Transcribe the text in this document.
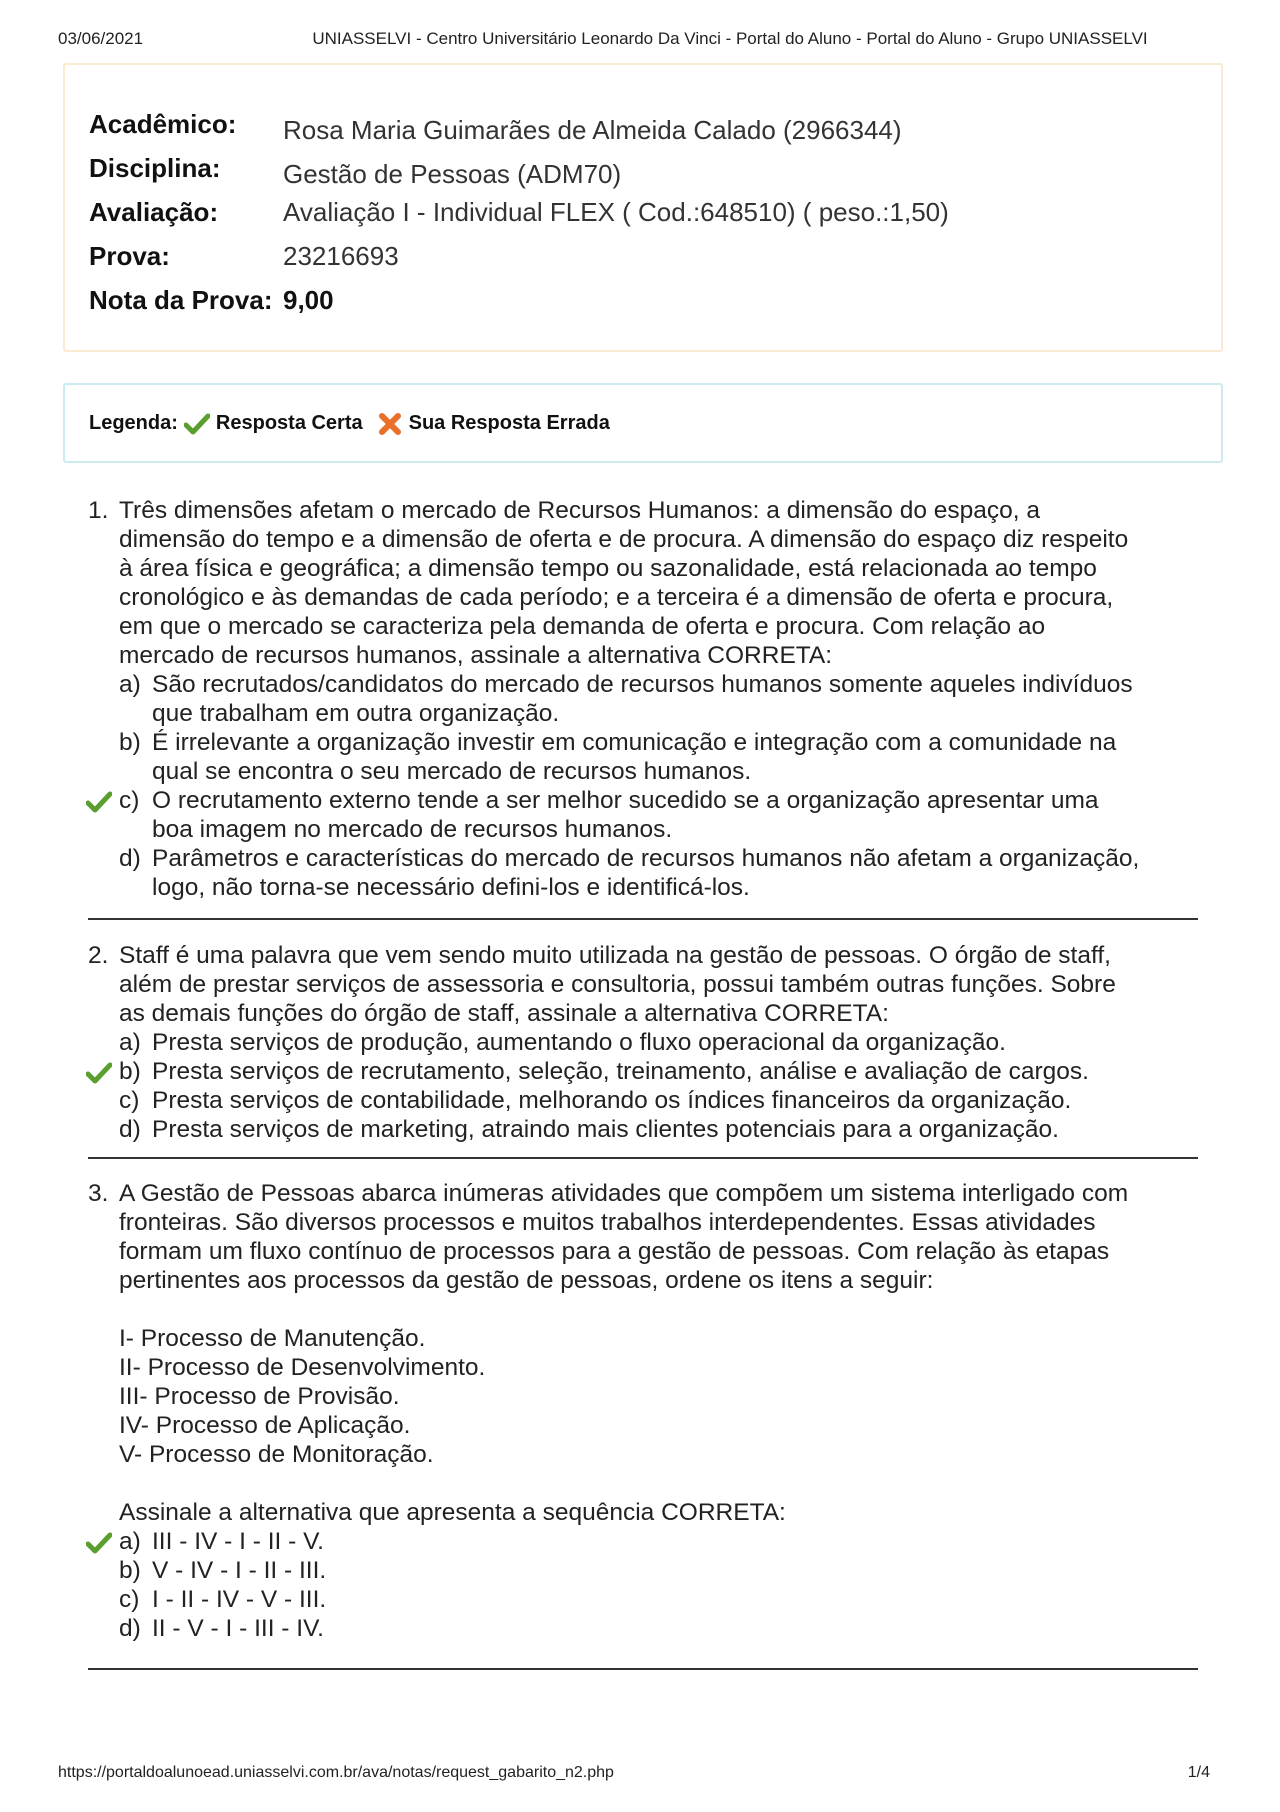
03/06/2021	UNIASSELVI - Centro Universitário Leonardo Da Vinci - Portal do Aluno - Portal do Aluno - Grupo UNIASSELVI
Acadêmico: Rosa Maria Guimarães de Almeida Calado (2966344)
Disciplina: Gestão de Pessoas (ADM70)
Avaliação: Avaliação I - Individual FLEX ( Cod.:648510) ( peso.:1,50)
Prova:	23216693
Nota da Prova: 9,00
Legenda: Resposta Certa Sua Resposta Errada
1. Três dimensões afetam o mercado de Recursos Humanos: a dimensão do espaço, a
dimensão do tempo e a dimensão de oferta e de procura. A dimensão do espaço diz respeito
à área física e geográfica; a dimensão tempo ou sazonalidade, está relacionada ao tempo
cronológico e às demandas de cada período; e a terceira é a dimensão de oferta e procura,
em que o mercado se caracteriza pela demanda de oferta e procura. Com relação ao
mercado de recursos humanos, assinale a alternativa CORRETA:
a) São recrutados/candidatos do mercado de recursos humanos somente aqueles indivíduos
que trabalham em outra organização.
b) É irrelevante a organização investir em comunicação e integração com a comunidade na
qual se encontra o seu mercado de recursos humanos.
c) O recrutamento externo tende a ser melhor sucedido se a organização apresentar uma
boa imagem no mercado de recursos humanos.
d) Parâmetros e características do mercado de recursos humanos não afetam a organização,
logo, não torna-se necessário defini-los e identificá-los.
2. Staff é uma palavra que vem sendo muito utilizada na gestão de pessoas. O órgão de staff,
além de prestar serviços de assessoria e consultoria, possui também outras funções. Sobre
as demais funções do órgão de staff, assinale a alternativa CORRETA:
a) Presta serviços de produção, aumentando o fluxo operacional da organização.
b) Presta serviços de recrutamento, seleção, treinamento, análise e avaliação de cargos.
c) Presta serviços de contabilidade, melhorando os índices financeiros da organização.
d) Presta serviços de marketing, atraindo mais clientes potenciais para a organização.
3. A Gestão de Pessoas abarca inúmeras atividades que compõem um sistema interligado com
fronteiras. São diversos processos e muitos trabalhos interdependentes. Essas atividades
formam um fluxo contínuo de processos para a gestão de pessoas. Com relação às etapas
pertinentes aos processos da gestão de pessoas, ordene os itens a seguir:
I- Processo de Manutenção.
II- Processo de Desenvolvimento.
III- Processo de Provisão.
IV- Processo de Aplicação.
V- Processo de Monitoração.
Assinale a alternativa que apresenta a sequência CORRETA:
a) III - IV - I - II - V.
b) V - IV - I - II - III.
c) I - II - IV - V - III.
d) II - V - I - III - IV.
https://portaldoalunoead.uniasselvi.com.br/ava/notas/request_gabarito_n2.php	1/4
